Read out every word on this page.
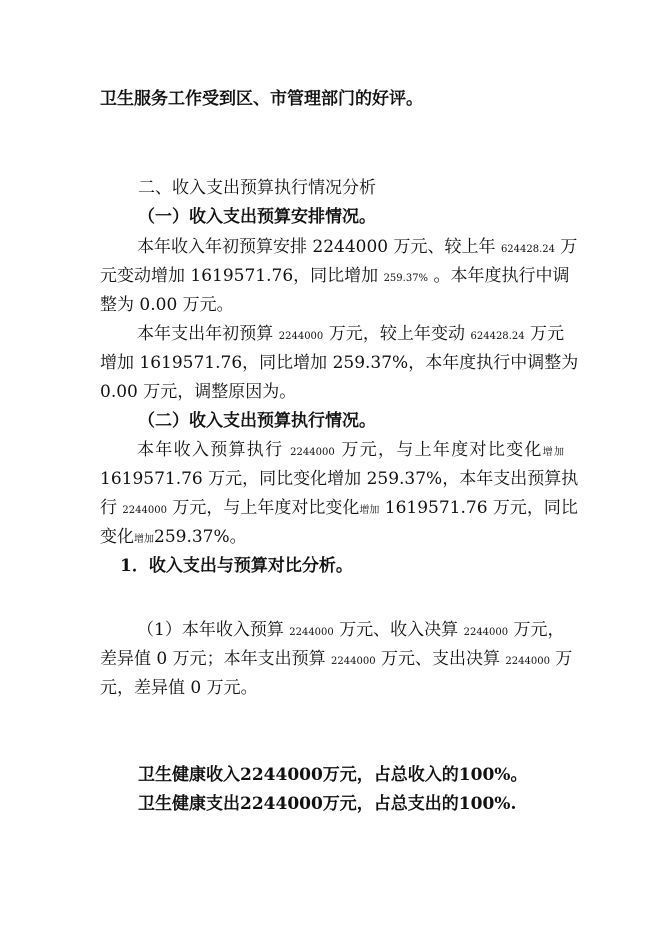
卫生服务工作受到区、市管理部门的好评。
二、收入支出预算执行情况分析
（一）收入支出预算安排情况。
本年收入年初预算安排 2244000 万元、较上年 624428.24 万
元变动增加 1619571.76，同比增加 259.37% 。本年度执行中调
整为 0.00 万元。
本年支出年初预算 2244000 万元，较上年变动 624428.24 万元
增加 1619571.76，同比增加 259.37%，本年度执行中调整为
0.00 万元，调整原因为。
（二）收入支出预算执行情况。
本年收入预算执行 2244000 万元，与上年度对比变化增加
1619571.76 万元，同比变化增加 259.37%，本年支出预算执
行 2244000 万元，与上年度对比变化增加 1619571.76 万元，同比
变化增加259.37%。
1．收入支出与预算对比分析。
（1）本年收入预算 2244000 万元、收入决算 2244000 万元，
差异值 0 万元；本年支出预算 2244000 万元、支出决算 2244000 万
元，差异值 0 万元。
卫生健康收入2244000万元，占总收入的100%。
卫生健康支出2244000万元，占总支出的100%.
